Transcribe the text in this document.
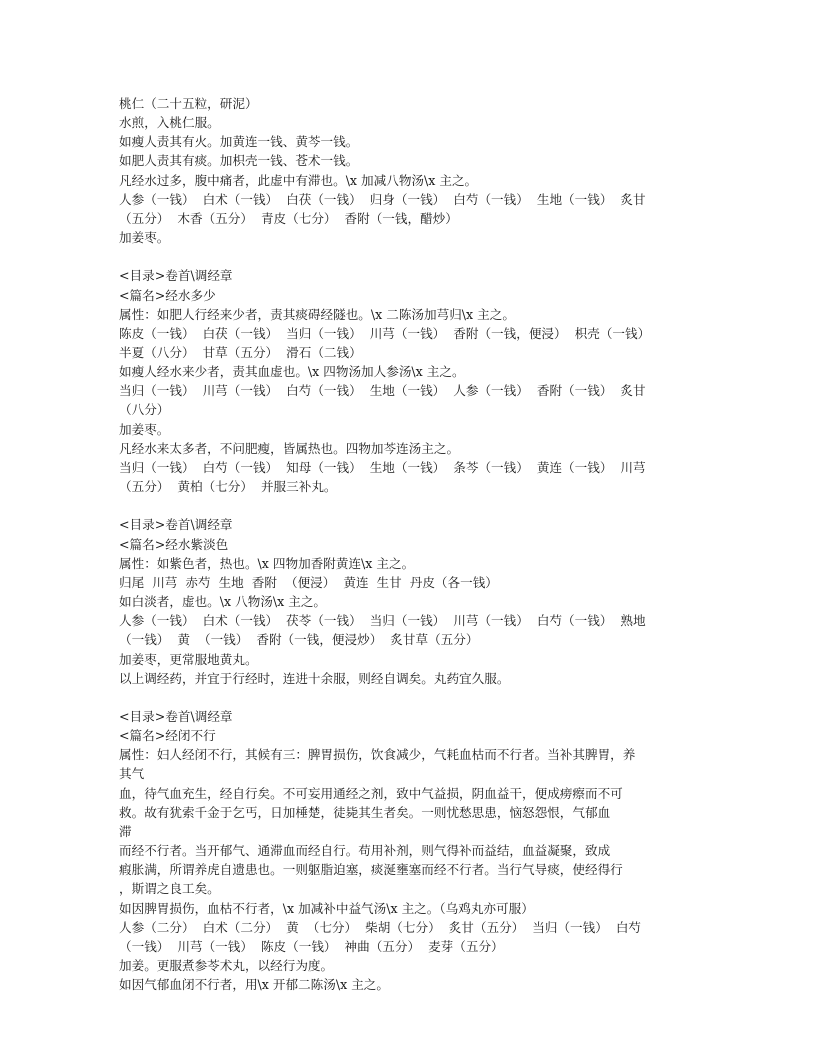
桃仁（二十五粒，研泥）
水煎，入桃仁服。
如瘦人责其有火。加黄连一钱、黄芩一钱。
如肥人责其有痰。加枳壳一钱、苍术一钱。
凡经水过多，腹中痛者，此虚中有滞也。\x 加减八物汤\x 主之。
人参（一钱）  白术（一钱）  白茯（一钱）  归身（一钱）  白芍（一钱）  生地（一钱）  炙甘
（五分）  木香（五分）  青皮（七分）  香附（一钱，醋炒）
加姜枣。
<目录>卷首\调经章
<篇名>经水多少
属性：如肥人行经来少者，责其痰碍经隧也。\x 二陈汤加芎归\x 主之。
陈皮（一钱）  白茯（一钱）  当归（一钱）  川芎（一钱）  香附（一钱，便浸）  枳壳（一钱）
半夏（八分）  甘草（五分）  滑石（二钱）
如瘦人经水来少者，责其血虚也。\x 四物汤加人参汤\x 主之。
当归（一钱）  川芎（一钱）  白芍（一钱）  生地（一钱）  人参（一钱）  香附（一钱）  炙甘
（八分）
加姜枣。
凡经水来太多者，不问肥瘦，皆属热也。四物加芩连汤主之。
当归（一钱）  白芍（一钱）  知母（一钱）  生地（一钱）  条芩（一钱）  黄连（一钱）  川芎
（五分）  黄柏（七分）  并服三补丸。
<目录>卷首\调经章
<篇名>经水紫淡色
属性：如紫色者，热也。\x 四物加香附黄连\x 主之。
归尾  川芎  赤芍  生地  香附  （便浸）  黄连  生甘  丹皮（各一钱）
如白淡者，虚也。\x 八物汤\x 主之。
人参（一钱）  白术（一钱）  茯苓（一钱）  当归（一钱）  川芎（一钱）  白芍（一钱）  熟地
（一钱）  黄  （一钱）  香附（一钱，便浸炒）  炙甘草（五分）
加姜枣，更常服地黄丸。
以上调经药，并宜于行经时，连进十余服，则经自调矣。丸药宜久服。
<目录>卷首\调经章
<篇名>经闭不行
属性：妇人经闭不行，其候有三：脾胃损伤，饮食减少，气耗血枯而不行者。当补其脾胃，养
其气
血，待气血充生，经自行矣。不可妄用通经之剂，致中气益损，阴血益干，便成痨瘵而不可
救。故有犹索千金于乞丐，日加棰楚，徒毙其生者矣。一则忧愁思患，恼怒怨恨，气郁血
滞
而经不行者。当开郁气、通滞血而经自行。苟用补剂，则气得补而益结，血益凝聚，致成
瘕胀满，所谓养虎自遗患也。一则躯脂迫塞，痰涎壅塞而经不行者。当行气导痰，使经得行
，斯谓之良工矣。
如因脾胃损伤，血枯不行者，\x 加减补中益气汤\x 主之。（乌鸡丸亦可服）
人参（二分）  白术（二分）  黄  （七分）  柴胡（七分）  炙甘（五分）  当归（一钱）  白芍
（一钱）  川芎（一钱）  陈皮（一钱）  神曲（五分）  麦芽（五分）
加姜。更服煮参苓术丸，以经行为度。
如因气郁血闭不行者，用\x 开郁二陈汤\x 主之。
